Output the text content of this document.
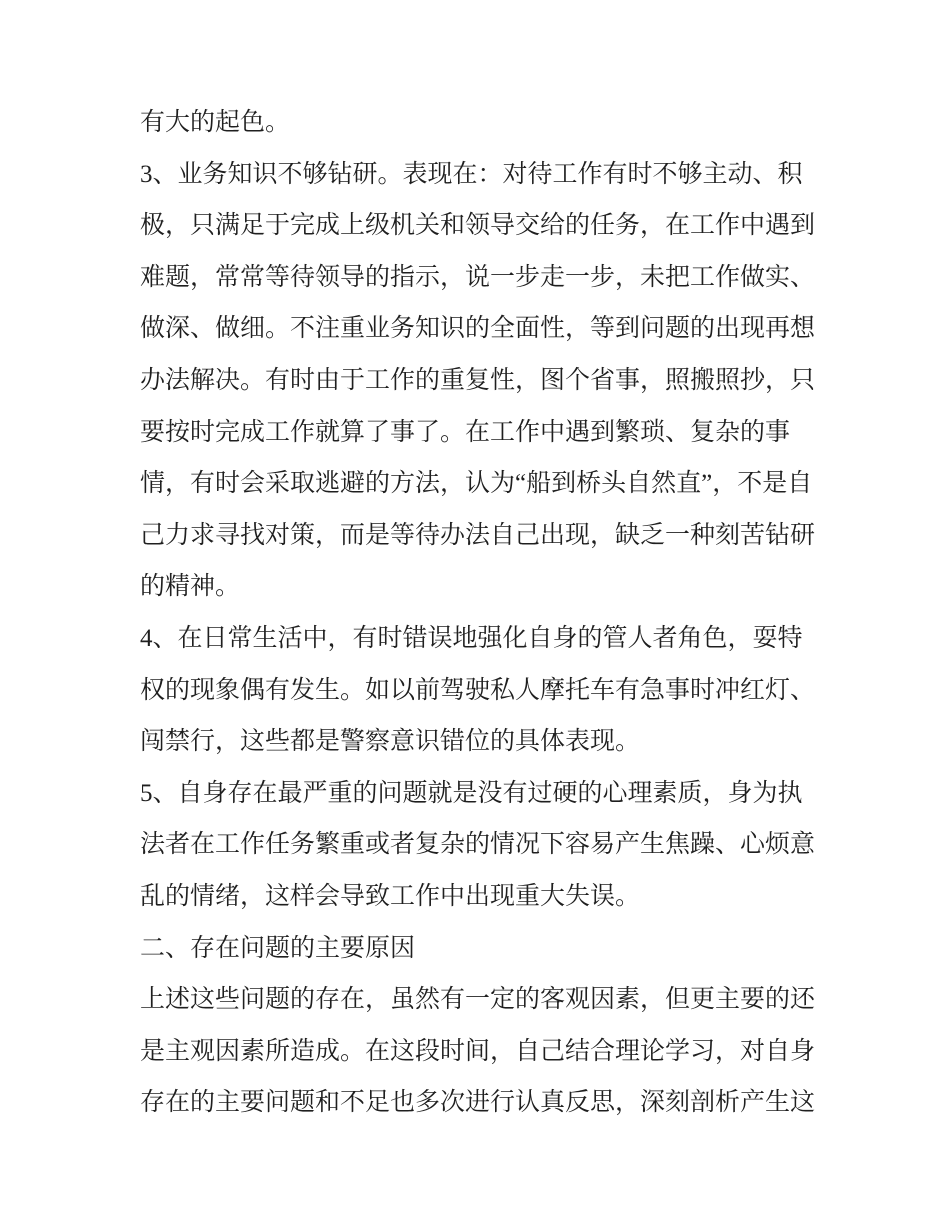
有大的起色。
3、业务知识不够钻研。表现在：对待工作有时不够主动、积
极，只满足于完成上级机关和领导交给的任务，在工作中遇到
难题，常常等待领导的指示，说一步走一步，未把工作做实、
做深、做细。不注重业务知识的全面性，等到问题的出现再想
办法解决。有时由于工作的重复性，图个省事，照搬照抄，只
要按时完成工作就算了事了。在工作中遇到繁琐、复杂的事
情，有时会采取逃避的方法，认为“船到桥头自然直”，不是自
己力求寻找对策，而是等待办法自己出现，缺乏一种刻苦钻研
的精神。
4、在日常生活中，有时错误地强化自身的管人者角色，耍特
权的现象偶有发生。如以前驾驶私人摩托车有急事时冲红灯、
闯禁行，这些都是警察意识错位的具体表现。
5、自身存在最严重的问题就是没有过硬的心理素质，身为执
法者在工作任务繁重或者复杂的情况下容易产生焦躁、心烦意
乱的情绪，这样会导致工作中出现重大失误。
二、存在问题的主要原因
上述这些问题的存在，虽然有一定的客观因素，但更主要的还
是主观因素所造成。在这段时间，自己结合理论学习，对自身
存在的主要问题和不足也多次进行认真反思，深刻剖析产生这
